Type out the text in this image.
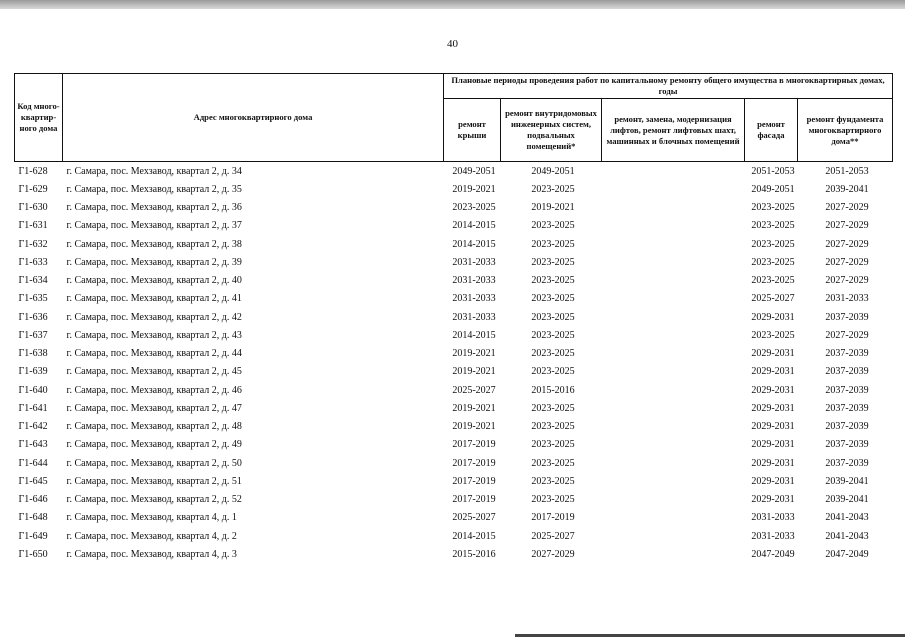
40
Код много-квартир-ного дома	Адрес многоквартирного дома	Плановые периоды проведения работ по капитальному ремонту общего имущества в многоквартирных домах, годы				
		ремонт крыши	ремонт внутридомовых инженерных систем, подвальных помещений*	ремонт, замена, модернизация лифтов, ремонт лифтовых шахт, машинных и блочных помещений	ремонт фасада	ремонт фундамента многоквартирного дома**
Г1-628	г. Самара, пос. Мехзавод, квартал 2, д. 34	2049-2051	2049-2051		2051-2053	2051-2053
Г1-629	г. Самара, пос. Мехзавод, квартал 2, д. 35	2019-2021	2023-2025		2049-2051	2039-2041
Г1-630	г. Самара, пос. Мехзавод, квартал 2, д. 36	2023-2025	2019-2021		2023-2025	2027-2029
Г1-631	г. Самара, пос. Мехзавод, квартал 2, д. 37	2014-2015	2023-2025		2023-2025	2027-2029
Г1-632	г. Самара, пос. Мехзавод, квартал 2, д. 38	2014-2015	2023-2025		2023-2025	2027-2029
Г1-633	г. Самара, пос. Мехзавод, квартал 2, д. 39	2031-2033	2023-2025		2023-2025	2027-2029
Г1-634	г. Самара, пос. Мехзавод, квартал 2, д. 40	2031-2033	2023-2025		2023-2025	2027-2029
Г1-635	г. Самара, пос. Мехзавод, квартал 2, д. 41	2031-2033	2023-2025		2025-2027	2031-2033
Г1-636	г. Самара, пос. Мехзавод, квартал 2, д. 42	2031-2033	2023-2025		2029-2031	2037-2039
Г1-637	г. Самара, пос. Мехзавод, квартал 2, д. 43	2014-2015	2023-2025		2023-2025	2027-2029
Г1-638	г. Самара, пос. Мехзавод, квартал 2, д. 44	2019-2021	2023-2025		2029-2031	2037-2039
Г1-639	г. Самара, пос. Мехзавод, квартал 2, д. 45	2019-2021	2023-2025		2029-2031	2037-2039
Г1-640	г. Самара, пос. Мехзавод, квартал 2, д. 46	2025-2027	2015-2016		2029-2031	2037-2039
Г1-641	г. Самара, пос. Мехзавод, квартал 2, д. 47	2019-2021	2023-2025		2029-2031	2037-2039
Г1-642	г. Самара, пос. Мехзавод, квартал 2, д. 48	2019-2021	2023-2025		2029-2031	2037-2039
Г1-643	г. Самара, пос. Мехзавод, квартал 2, д. 49	2017-2019	2023-2025		2029-2031	2037-2039
Г1-644	г. Самара, пос. Мехзавод, квартал 2, д. 50	2017-2019	2023-2025		2029-2031	2037-2039
Г1-645	г. Самара, пос. Мехзавод, квартал 2, д. 51	2017-2019	2023-2025		2029-2031	2039-2041
Г1-646	г. Самара, пос. Мехзавод, квартал 2, д. 52	2017-2019	2023-2025		2029-2031	2039-2041
Г1-648	г. Самара, пос. Мехзавод, квартал 4, д. 1	2025-2027	2017-2019		2031-2033	2041-2043
Г1-649	г. Самара, пос. Мехзавод, квартал 4, д. 2	2014-2015	2025-2027		2031-2033	2041-2043
Г1-650	г. Самара, пос. Мехзавод, квартал 4, д. 3	2015-2016	2027-2029		2047-2049	2047-2049
